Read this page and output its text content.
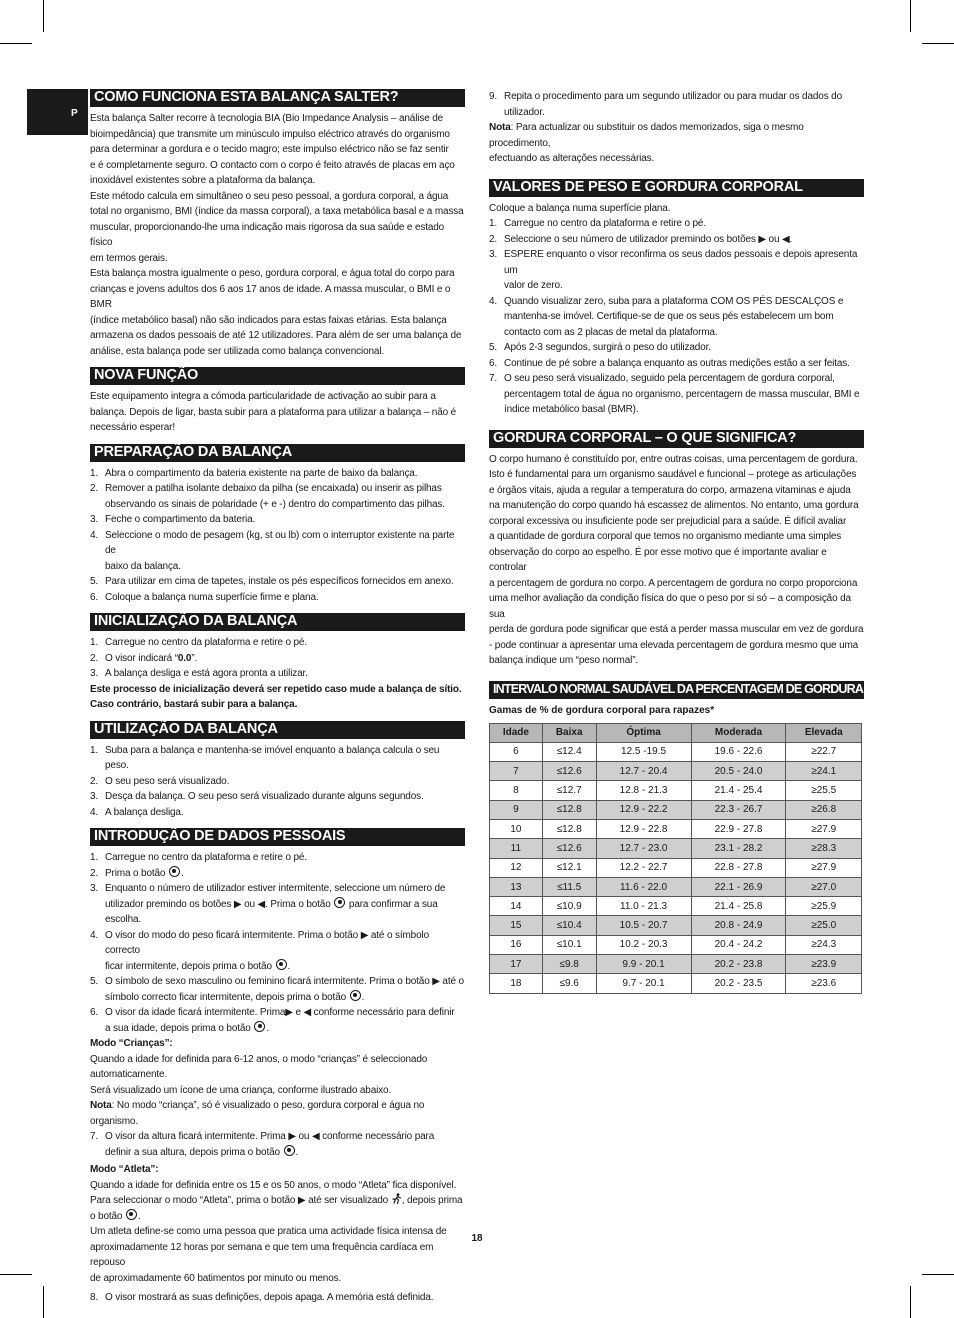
P
COMO FUNCIONA ESTA BALANÇA SALTER?
Esta balança Salter recorre à tecnologia BIA (Bio Impedance Analysis – análise de
bioimpedância) que transmite um minúsculo impulso eléctrico através do organismo
para determinar a gordura e o tecido magro; este impulso eléctrico não se faz sentir
e é completamente seguro. O contacto com o corpo é feito através de placas em aço
inoxidável existentes sobre a plataforma da balança.
Este método calcula em simultâneo o seu peso pessoal, a gordura corporal, a água
total no organismo, BMI (índice da massa corporal), a taxa metabólica basal e a massa
muscular, proporcionando-lhe uma indicação mais rigorosa da sua saúde e estado físico
em termos gerais.
Esta balança mostra igualmente o peso, gordura corporal, e água total do corpo para
crianças e jovens adultos dos 6 aos 17 anos de idade. A massa muscular, o BMI e o BMR
(índice metabólico basal) não são indicados para estas faixas etárias. Esta balança
armazena os dados pessoais de até 12 utilizadores. Para além de ser uma balança de
análise, esta balança pode ser utilizada como balança convencional.
NOVA FUNÇÃO
Este equipamento integra a cómoda particularidade de activação ao subir para a
balança. Depois de ligar, basta subir para a plataforma para utilizar a balança – não é
necessário esperar!
PREPARAÇÃO DA BALANÇA
1. Abra o compartimento da bateria existente na parte de baixo da balança.
2. Remover a patilha isolante debaixo da pilha (se encaixada) ou inserir as pilhas
observando os sinais de polaridade (+ e -) dentro do compartimento das pilhas.
3. Feche o compartimento da bateria.
4. Seleccione o modo de pesagem (kg, st ou lb) com o interruptor existente na parte de
baixo da balança.
5. Para utilizar em cima de tapetes, instale os pés específicos fornecidos em anexo.
6. Coloque a balança numa superfície firme e plana.
INICIALIZAÇÃO DA BALANÇA
1. Carregue no centro da plataforma e retire o pé.
2. O visor indicará “0.0”.
3. A balança desliga e está agora pronta a utilizar.
Este processo de inicialização deverá ser repetido caso mude a balança de sítio.
Caso contrário, bastará subir para a balança.
UTILIZAÇÃO DA BALANÇA
1. Suba para a balança e mantenha-se imóvel enquanto a balança calcula o seu peso.
2. O seu peso será visualizado.
3. Desça da balança. O seu peso será visualizado durante alguns segundos.
4. A balança desliga.
INTRODUÇÃO DE DADOS PESSOAIS
1. Carregue no centro da plataforma e retire o pé.
2. Prima o botão .
3. Enquanto o número de utilizador estiver intermitente, seleccione um número de
utilizador premindo os botões ▶ ou ◀. Prima o botão para confirmar a sua
escolha.
4. O visor do modo do peso ficará intermitente. Prima o botão ▶ até o símbolo correcto
ficar intermitente, depois prima o botão .
5. O símbolo de sexo masculino ou feminino ficará intermitente. Prima o botão ▶ até o
símbolo correcto ficar intermitente, depois prima o botão .
6. O visor da idade ficará intermitente. Prima▶ e ◀ conforme necessário para definir
a sua idade, depois prima o botão .
Modo “Crianças”:
Quando a idade for definida para 6-12 anos, o modo “crianças” é seleccionado
automaticamente.
Será visualizado um ícone de uma criança, conforme ilustrado abaixo.
Nota: No modo “criança”, só é visualizado o peso, gordura corporal e água no organismo.
7. O visor da altura ficará intermitente. Prima ▶ ou ◀ conforme necessário para
definir a sua altura, depois prima o botão .
Modo “Atleta”:
Quando a idade for definida entre os 15 e os 50 anos, o modo “Atleta” fica disponível.
Para seleccionar o modo “Atleta”, prima o botão ▶ até ser visualizado , depois prima
o botão .
Um atleta define-se como uma pessoa que pratica uma actividade física intensa de
aproximadamente 12 horas por semana e que tem uma frequência cardíaca em repouso
de aproximadamente 60 batimentos por minuto ou menos.
8. O visor mostrará as suas definições, depois apaga. A memória está definida.
9. Repita o procedimento para um segundo utilizador ou para mudar os dados do
utilizador.
Nota: Para actualizar ou substituir os dados memorizados, siga o mesmo procedimento,
efectuando as alterações necessárias.
VALORES DE PESO E GORDURA CORPORAL
Coloque a balança numa superfície plana.
1. Carregue no centro da plataforma e retire o pé.
2. Seleccione o seu número de utilizador premindo os botões ▶ ou ◀.
3. ESPERE enquanto o visor reconfirma os seus dados pessoais e depois apresenta um
valor de zero.
4. Quando visualizar zero, suba para a plataforma COM OS PÉS DESCALÇOS e
mantenha-se imóvel. Certifique-se de que os seus pés estabelecem um bom
contacto com as 2 placas de metal da plataforma.
5. Após 2-3 segundos, surgirá o peso do utilizador.
6. Continue de pé sobre a balança enquanto as outras medições estão a ser feitas.
7. O seu peso será visualizado, seguido pela percentagem de gordura corporal,
percentagem total de água no organismo, percentagem de massa muscular, BMI e
índice metabólico basal (BMR).
GORDURA CORPORAL – O QUE SIGNIFICA?
O corpo humano é constituído por, entre outras coisas, uma percentagem de gordura.
Isto é fundamental para um organismo saudável e funcional – protege as articulações
e órgãos vitais, ajuda a regular a temperatura do corpo, armazena vitaminas e ajuda
na manutenção do corpo quando há escassez de alimentos. No entanto, uma gordura
corporal excessiva ou insuficiente pode ser prejudicial para a saúde. É difícil avaliar
a quantidade de gordura corporal que temos no organismo mediante uma simples
observação do corpo ao espelho. É por esse motivo que é importante avaliar e controlar
a percentagem de gordura no corpo. A percentagem de gordura no corpo proporciona
uma melhor avaliação da condição física do que o peso por si só – a composição da sua
perda de gordura pode significar que está a perder massa muscular em vez de gordura
- pode continuar a apresentar uma elevada percentagem de gordura mesmo que uma
balança indique um “peso normal”.
INTERVALO NORMAL SAUDÁVEL DA PERCENTAGEM DE GORDURA CORPORAL
Gamas de % de gordura corporal para rapazes*
Idade	Baixa	Óptima	Moderada	Elevada
6	≤12.4	12.5 -19.5	19.6 - 22.6	≥22.7
7	≤12.6	12.7 - 20.4	20.5 - 24.0	≥24.1
8	≤12.7	12.8 - 21.3	21.4 - 25.4	≥25.5
9	≤12.8	12.9 - 22.2	22.3 - 26.7	≥26.8
10	≤12.8	12.9 - 22.8	22.9 - 27.8	≥27.9
11	≤12.6	12.7 - 23.0	23.1 - 28.2	≥28.3
12	≤12.1	12.2 - 22.7	22.8 - 27.8	≥27.9
13	≤11.5	11.6 - 22.0	22.1 - 26.9	≥27.0
14	≤10.9	11.0 - 21.3	21.4 - 25.8	≥25.9
15	≤10.4	10.5 - 20.7	20.8 - 24.9	≥25.0
16	≤10.1	10.2 - 20.3	20.4 - 24.2	≥24.3
17	≤9.8	9.9 - 20.1	20.2 - 23.8	≥23.9
18	≤9.6	9.7 - 20.1	20.2 - 23.5	≥23.6
18
